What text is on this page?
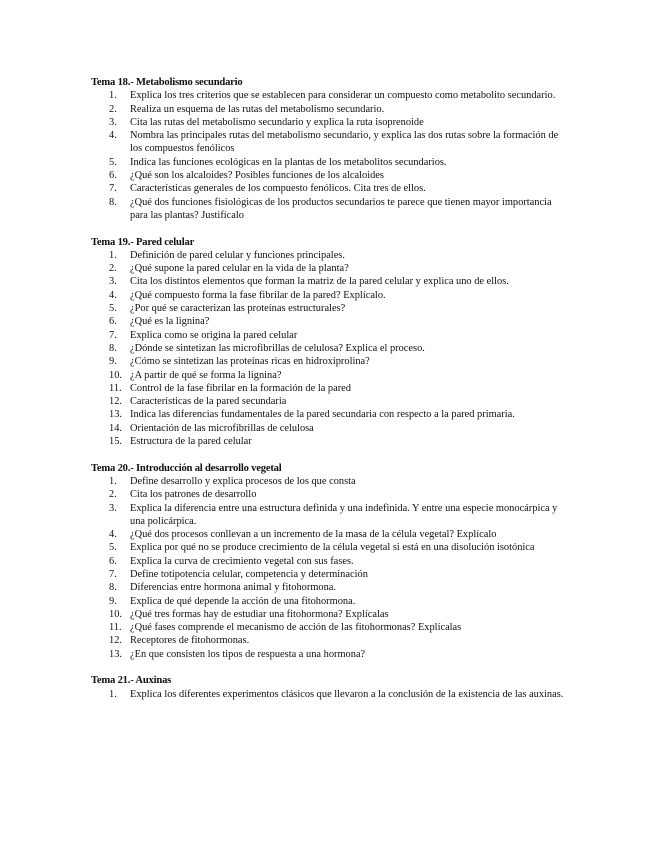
Tema 18.- Metabolismo secundario
1.	Explica los tres criterios que se establecen para considerar un compuesto como metabolito secundario.
2.	Realiza un esquema de las rutas del metabolismo secundario.
3.	Cita las rutas del metabolismo secundario y explica la ruta isoprenoide
4.	Nombra las principales rutas del metabolismo secundario, y explica las dos rutas sobre la formación de los compuestos fenólicos
5.	Indica las funciones ecológicas en la plantas de los metabolitos secundarios.
6.	¿Qué son los alcaloides? Posibles funciones de los alcaloides
7.	Características generales de los compuesto fenólicos. Cita tres de ellos.
8.	¿Qué dos funciones fisiológicas de los productos secundarios te parece que tienen mayor importancia para las plantas? Justifícalo
Tema 19.- Pared celular
1.	Definición de pared celular y funciones principales.
2.	¿Qué supone la pared celular en la vida de la planta?
3.	Cita los distintos elementos que forman la matriz de la pared celular y explica uno de ellos.
4.	¿Qué compuesto forma la fase fibrilar de la pared? Explícalo.
5.	¿Por qué se caracterizan las proteínas estructurales?
6.	¿Qué es la lignina?
7.	Explica como se origina la pared celular
8.	¿Dónde se sintetizan las microfibrillas de celulosa? Explica el proceso.
9.	¿Cómo se sintetizan las proteínas ricas en hidroxiprolina?
10. ¿A partir de qué se forma la lignina?
11. Control de la fase fibrilar en la formación de la pared
12. Características de la pared secundaria
13. Indica las diferencias fundamentales de la pared secundaria con respecto a la pared primaria.
14. Orientación de las microfibrillas de celulosa
15. Estructura de la pared celular
Tema 20.- Introducción al desarrollo vegetal
1.	Define desarrollo y explica procesos de los que consta
2.	Cita los patrones de desarrollo
3.	Explica la diferencia entre una estructura definida y una indefinida. Y entre una especie monocárpica y una policárpica.
4.	¿Qué dos procesos conllevan a un incremento de la masa de la célula vegetal? Explícalo
5.	Explica por qué no se produce crecimiento de la célula vegetal si está en una disolución isotónica
6.	Explica la curva de crecimiento vegetal con sus fases.
7.	Define totipotencia celular, competencia y determinación
8.	Diferencias entre hormona animal y fitohormona.
9.	Explica de qué depende la acción de una fitohormona.
10. ¿Qué tres formas hay de estudiar una fitohormona? Explícalas
11. ¿Qué fases comprende el mecanismo de acción de las fitohormonas? Explícalas
12. Receptores de fitohormonas.
13. ¿En que consisten los tipos de respuesta a una hormona?
Tema 21.- Auxinas
1.	Explica los diferentes experimentos clásicos que llevaron a la conclusión de la existencia de las auxinas.
